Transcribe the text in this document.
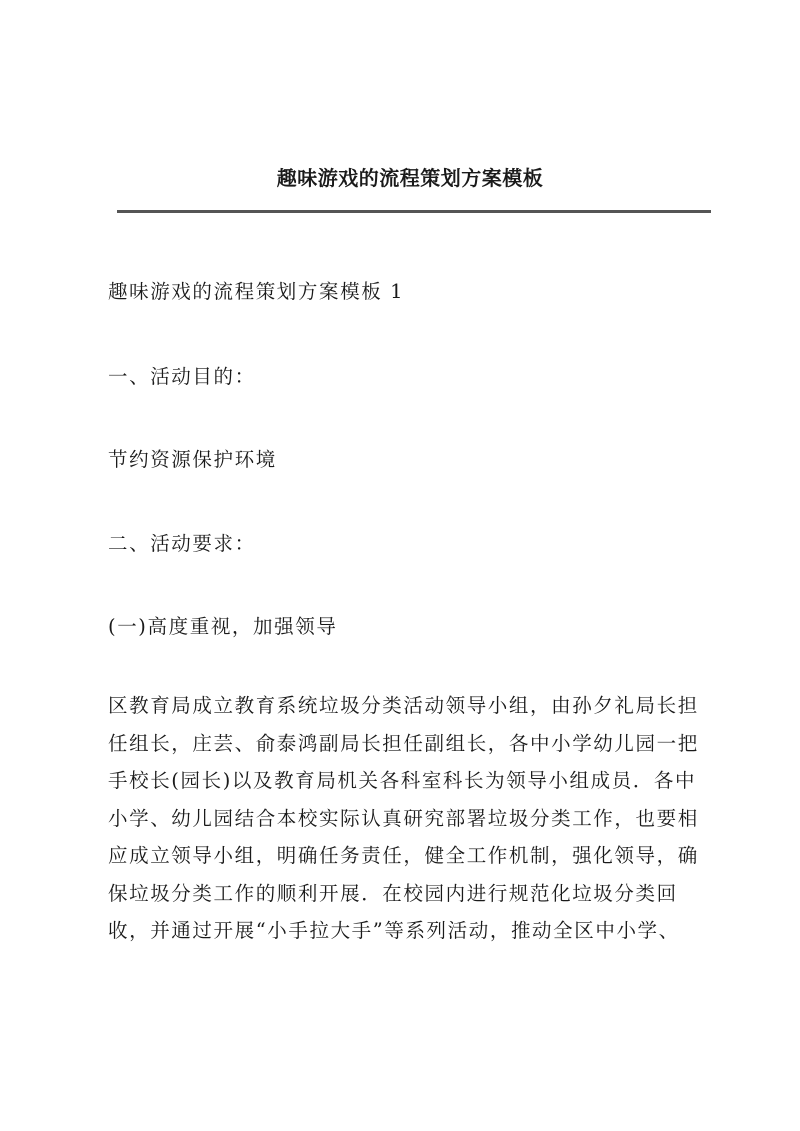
趣味游戏的流程策划方案模板
趣味游戏的流程策划方案模板 1
一、活动目的：
节约资源保护环境
二、活动要求：
(一)高度重视，加强领导
区教育局成立教育系统垃圾分类活动领导小组，由孙夕礼局长担
任组长，庄芸、俞泰鸿副局长担任副组长，各中小学幼儿园一把
手校长(园长)以及教育局机关各科室科长为领导小组成员．各中
小学、幼儿园结合本校实际认真研究部署垃圾分类工作，也要相
应成立领导小组，明确任务责任，健全工作机制，强化领导，确
保垃圾分类工作的顺利开展．在校园内进行规范化垃圾分类回
收，并通过开展“小手拉大手”等系列活动，推动全区中小学、
